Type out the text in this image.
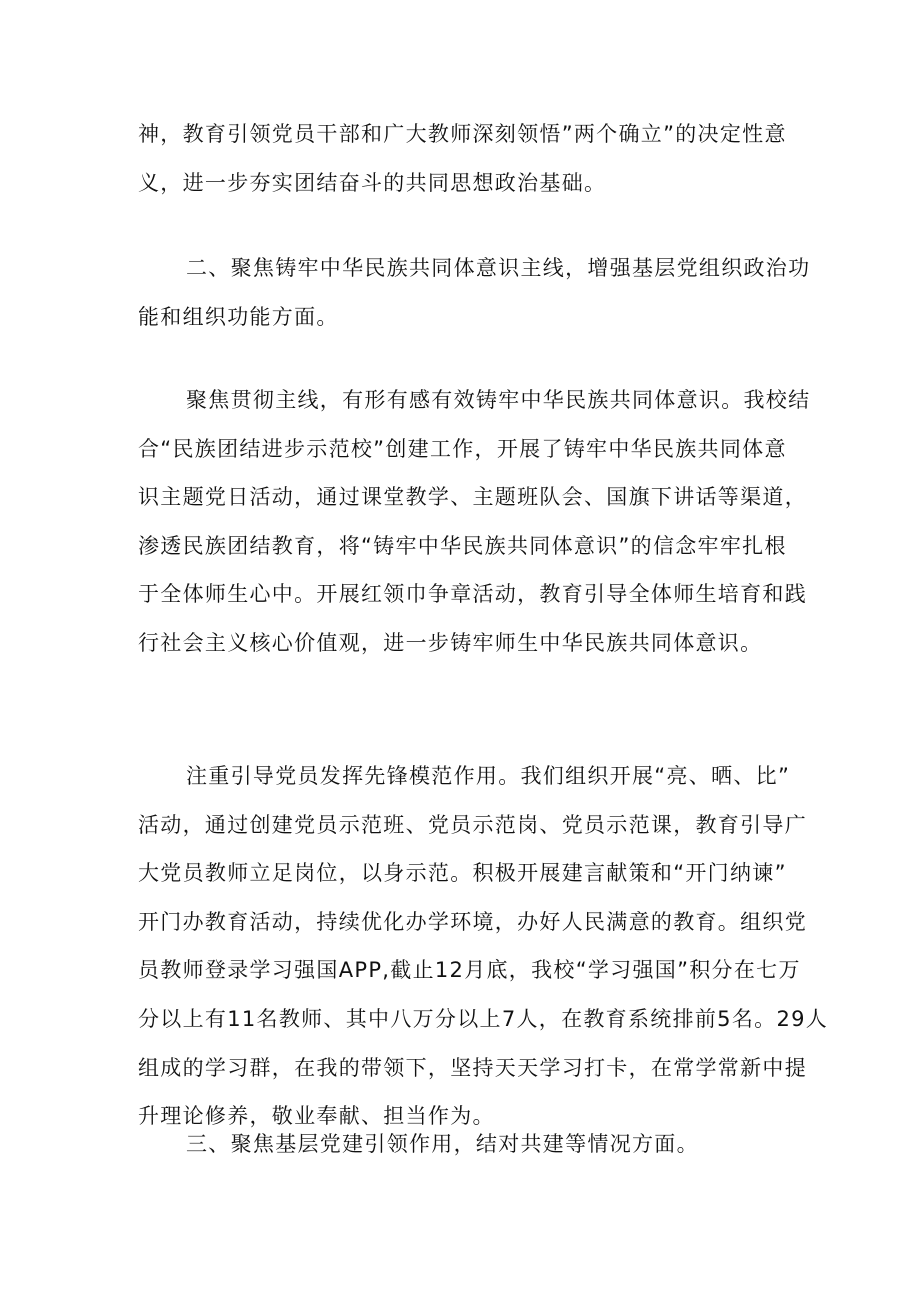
神，教育引领党员干部和广大教师深刻领悟”两个确立”的决定性意
义，进一步夯实团结奋斗的共同思想政治基础。
二、聚焦铸牢中华民族共同体意识主线，增强基层党组织政治功
能和组织功能方面。
聚焦贯彻主线，有形有感有效铸牢中华民族共同体意识。我校结
合“民族团结进步示范校”创建工作，开展了铸牢中华民族共同体意
识主题党日活动，通过课堂教学、主题班队会、国旗下讲话等渠道，
渗透民族团结教育，将“铸牢中华民族共同体意识”的信念牢牢扎根
于全体师生心中。开展红领巾争章活动，教育引导全体师生培育和践
行社会主义核心价值观，进一步铸牢师生中华民族共同体意识。
注重引导党员发挥先锋模范作用。我们组织开展“亮、晒、比”
活动，通过创建党员示范班、党员示范岗、党员示范课，教育引导广
大党员教师立足岗位，以身示范。积极开展建言献策和“开门纳谏”
开门办教育活动，持续优化办学环境，办好人民满意的教育。组织党
员教师登录学习强国APP,截止12月底，我校“学习强国”积分在七万
分以上有11名教师、其中八万分以上7人，在教育系统排前5名。29人
组成的学习群，在我的带领下，坚持天天学习打卡，在常学常新中提
升理论修养，敬业奉献、担当作为。
三、聚焦基层党建引领作用，结对共建等情况方面。
